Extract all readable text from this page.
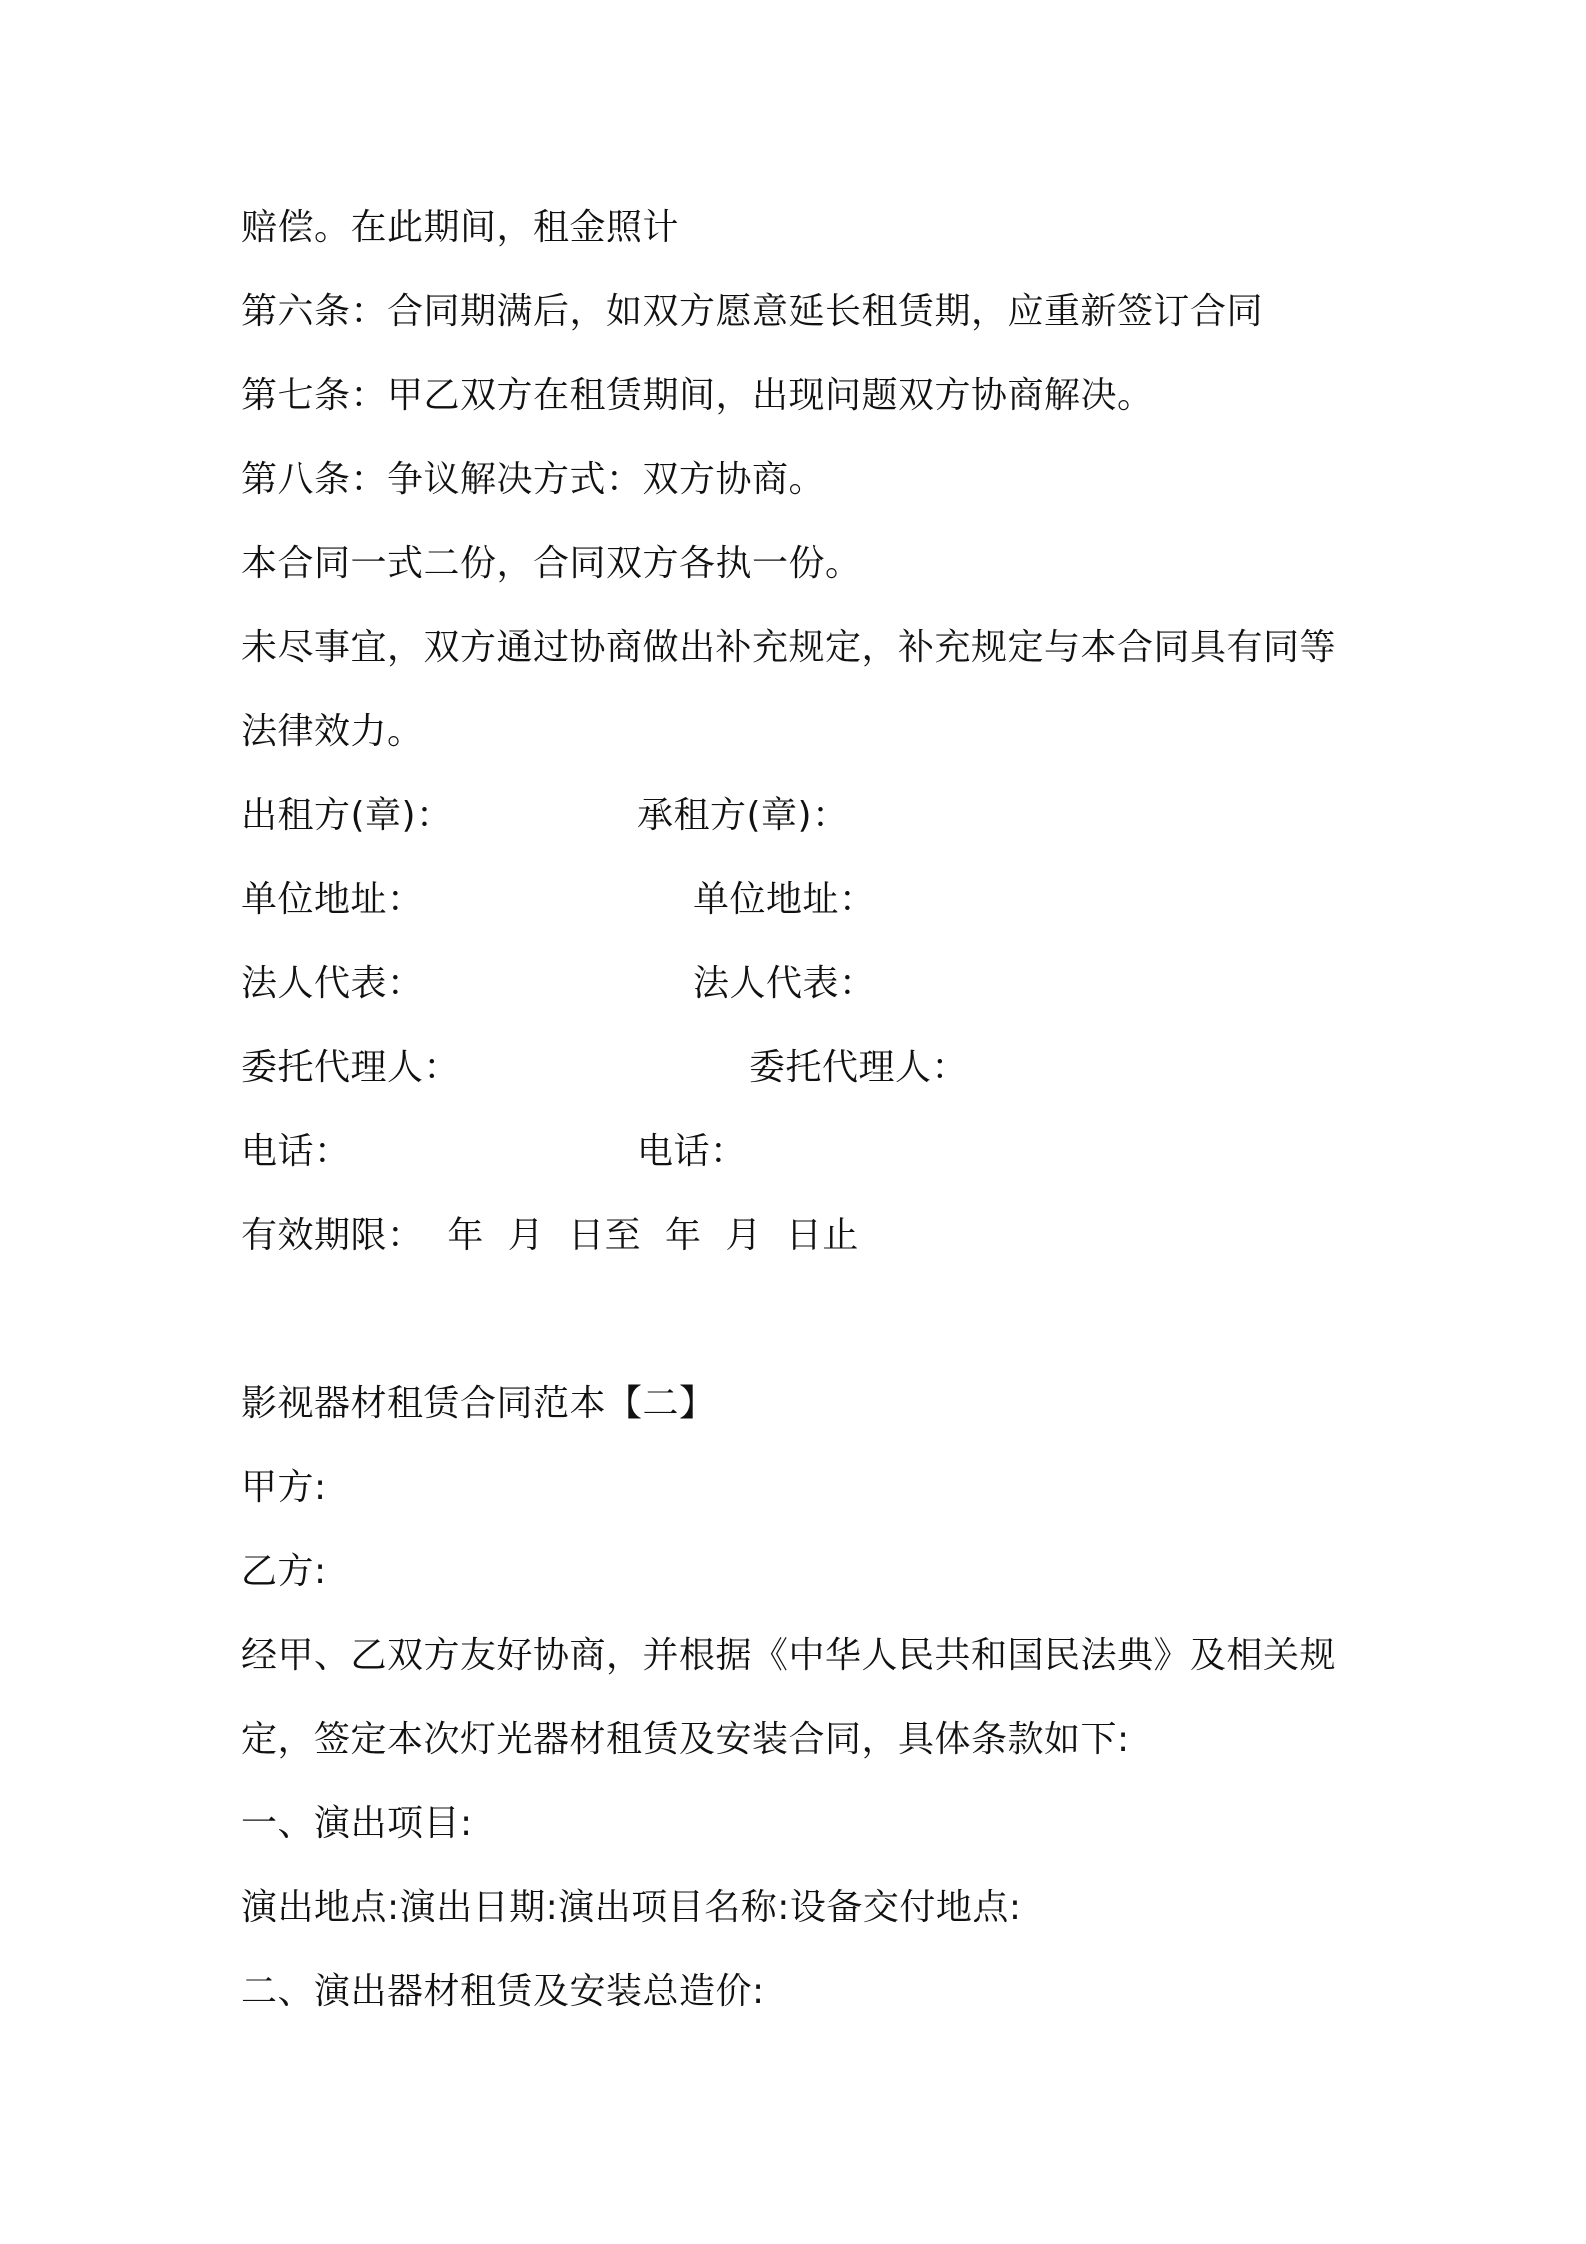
赔偿。在此期间，租金照计
第六条：合同期满后，如双方愿意延长租赁期，应重新签订合同
第七条：甲乙双方在租赁期间，出现问题双方协商解决。
第八条：争议解决方式：双方协商。
本合同一式二份，合同双方各执一份。
未尽事宜，双方通过协商做出补充规定，补充规定与本合同具有同等
法律效力。
出租方(章)：	承租方(章)：
单位地址：	单位地址：
法人代表：	法人代表：
委托代理人：	委托代理人：
电话：	电话：
有效期限：  年  月  日至  年  月  日止
影视器材租赁合同范本【二】
甲方:
乙方:
经甲、乙双方友好协商，并根据《中华人民共和国民法典》及相关规
定，签定本次灯光器材租赁及安装合同，具体条款如下:
一、演出项目:
演出地点:演出日期:演出项目名称:设备交付地点:
二、演出器材租赁及安装总造价:
